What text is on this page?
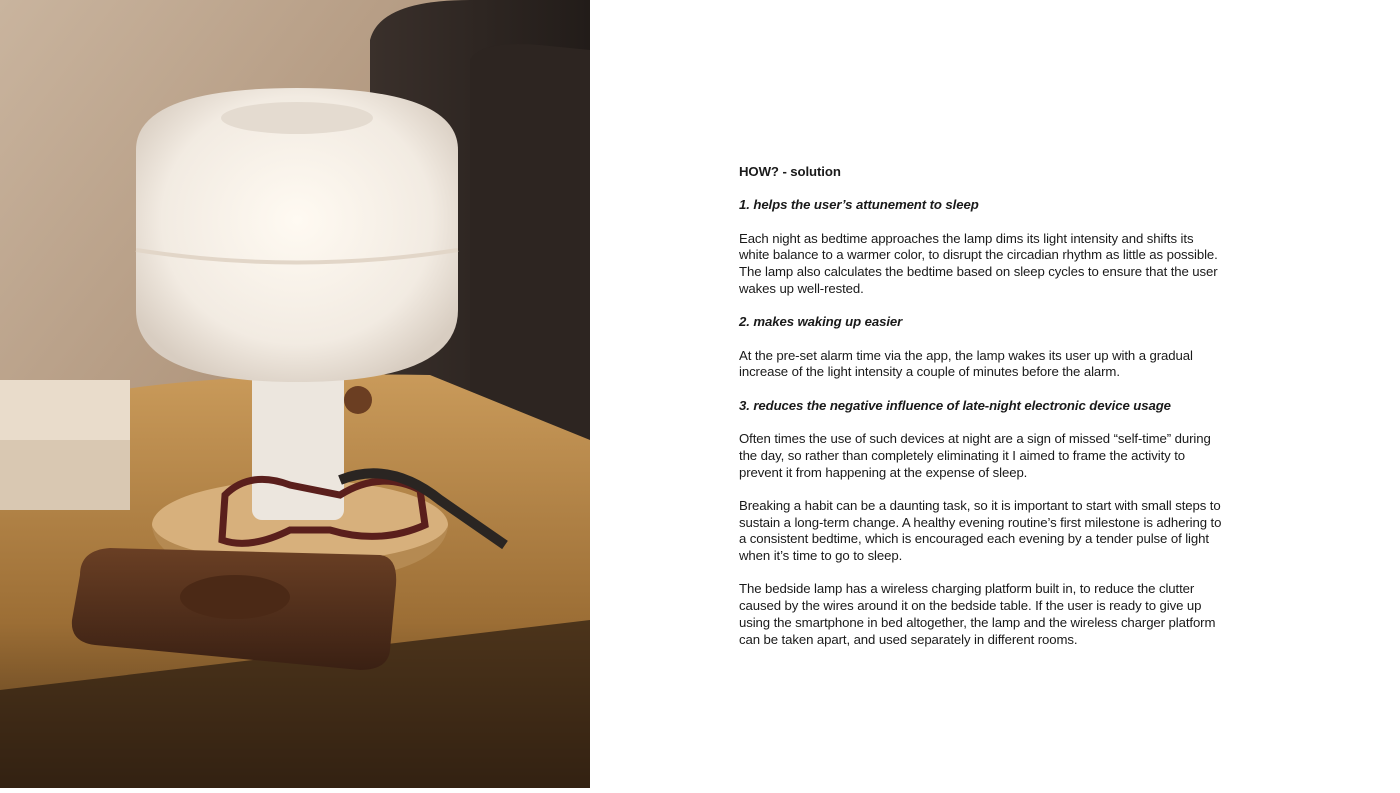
HOW? - solution
1. helps the user’s attunement to sleep
Each night as bedtime approaches the lamp dims its light intensity and shifts its
white balance to a warmer color, to disrupt the circadian rhythm as little as possible.
The lamp also calculates the bedtime based on sleep cycles to ensure that the user
wakes up well-rested.
2. makes waking up easier
At the pre-set alarm time via the app, the lamp wakes its user up with a gradual
increase of the light intensity a couple of minutes before the alarm.
3. reduces the negative influence of late-night electronic device usage
Often times the use of such devices at night are a sign of missed “self-time” during
the day, so rather than completely eliminating it I aimed to frame the activity to
prevent it from happening at the expense of sleep.
Breaking a habit can be a daunting task, so it is important to start with small steps to
sustain a long-term change. A healthy evening routine’s first milestone is adhering to
a consistent bedtime, which is encouraged each evening by a tender pulse of light
when it’s time to go to sleep.
The bedside lamp has a wireless charging platform built in, to reduce the clutter
caused by the wires around it on the bedside table. If the user is ready to give up
using the smartphone in bed altogether, the lamp and the wireless charger platform
can be taken apart, and used separately in different rooms.
